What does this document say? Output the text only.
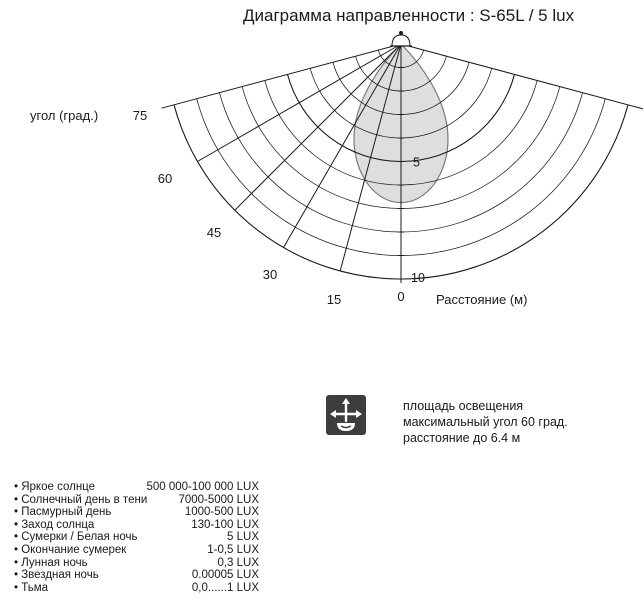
Диаграмма направленности : S-65L / 5 lux
0
15
30
45
60
75
5
10
угол (град.)
Расстояние (м)
площадь освещения
максимальный угол 60 град.
расстояние до 6.4 м
• Яркое солнце	500 000-100 000 LUX
• Солнечный день в тени	7000-5000 LUX
• Пасмурный день	1000-500 LUX
• Заход солнца	130-100 LUX
• Сумерки / Белая ночь	5 LUX
• Окончание сумерек	1-0,5 LUX
• Лунная ночь	0,3 LUX
• Звездная ночь	0.00005 LUX
• Тьма	0,0......1 LUX
